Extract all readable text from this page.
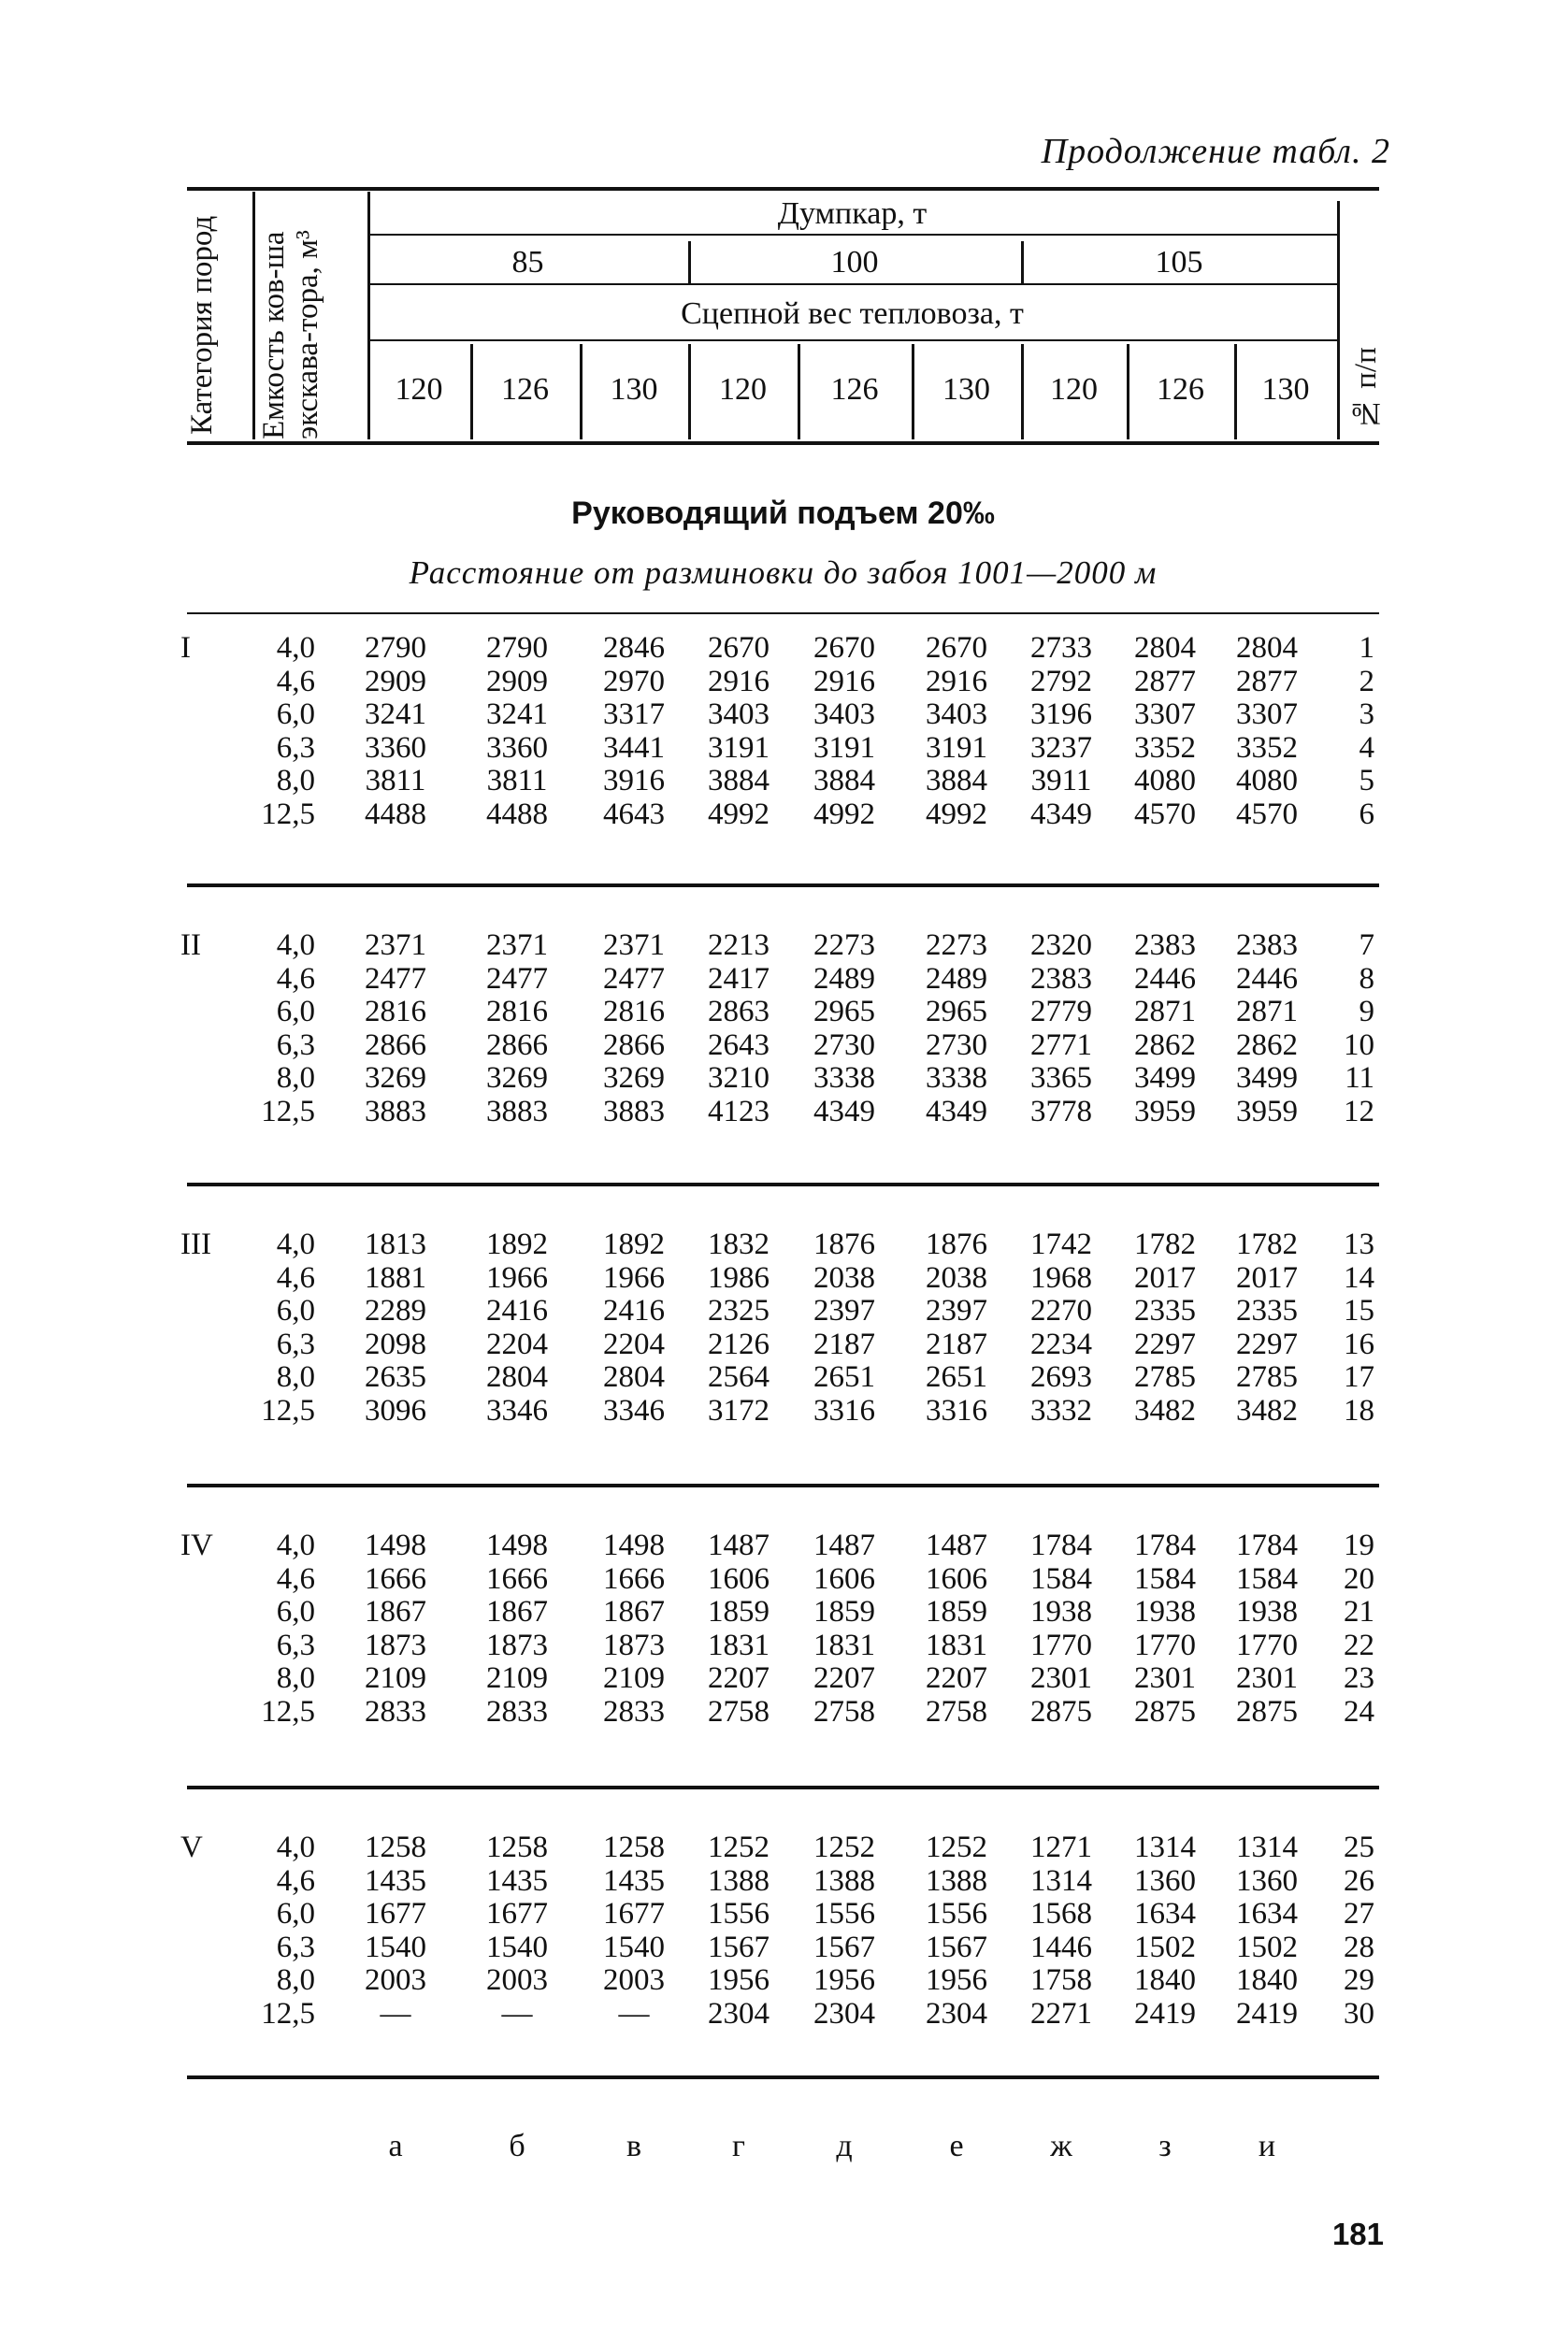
Продолжение табл. 2
Категория пород Емкость ков-ша экскава-тора, м³	№ п/п
Думпкар, т
85	100	105
Сцепной вес тепловоза, т
120	126	130	120	126	130	120	126	130
Руководящий подъем 20‰
Расстояние от разминовки до забоя 1001—2000 м
I	4,0	2790	2790	2846	2670	2670	2670	2733	2804	2804	1
4,6	2909	2909	2970	2916	2916	2916	2792	2877	2877	2
6,0	3241	3241	3317	3403	3403	3403	3196	3307	3307	3
6,3	3360	3360	3441	3191	3191	3191	3237	3352	3352	4
8,0	3811	3811	3916	3884	3884	3884	3911	4080	4080	5
12,5	4488	4488	4643	4992	4992	4992	4349	4570	4570	6
II	4,0	2371	2371	2371	2213	2273	2273	2320	2383	2383	7
4,6	2477	2477	2477	2417	2489	2489	2383	2446	2446	8
6,0	2816	2816	2816	2863	2965	2965	2779	2871	2871	9
6,3	2866	2866	2866	2643	2730	2730	2771	2862	2862	10
8,0	3269	3269	3269	3210	3338	3338	3365	3499	3499	11
12,5	3883	3883	3883	4123	4349	4349	3778	3959	3959	12
III	4,0	1813	1892	1892	1832	1876	1876	1742	1782	1782	13
4,6	1881	1966	1966	1986	2038	2038	1968	2017	2017	14
6,0	2289	2416	2416	2325	2397	2397	2270	2335	2335	15
6,3	2098	2204	2204	2126	2187	2187	2234	2297	2297	16
8,0	2635	2804	2804	2564	2651	2651	2693	2785	2785	17
12,5	3096	3346	3346	3172	3316	3316	3332	3482	3482	18
IV	4,0	1498	1498	1498	1487	1487	1487	1784	1784	1784	19
4,6	1666	1666	1666	1606	1606	1606	1584	1584	1584	20
6,0	1867	1867	1867	1859	1859	1859	1938	1938	1938	21
6,3	1873	1873	1873	1831	1831	1831	1770	1770	1770	22
8,0	2109	2109	2109	2207	2207	2207	2301	2301	2301	23
12,5	2833	2833	2833	2758	2758	2758	2875	2875	2875	24
V	4,0	1258	1258	1258	1252	1252	1252	1271	1314	1314	25
4,6	1435	1435	1435	1388	1388	1388	1314	1360	1360	26
6,0	1677	1677	1677	1556	1556	1556	1568	1634	1634	27
6,3	1540	1540	1540	1567	1567	1567	1446	1502	1502	28
8,0	2003	2003	2003	1956	1956	1956	1758	1840	1840	29
12,5	—	—	—	2304	2304	2304	2271	2419	2419	30
а	б	в	г	д	е	ж	з	и
181
